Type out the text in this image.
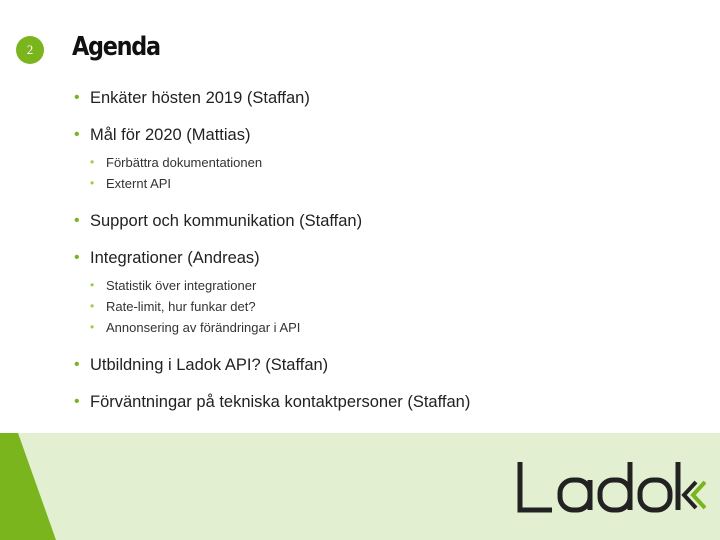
2	Agenda
• Enkäter hösten 2019 (Staffan)
• Mål för 2020 (Mattias)
• Förbättra dokumentationen
• Externt API
• Support och kommunikation (Staffan)
• Integrationer (Andreas)
• Statistik över integrationer
• Rate-limit, hur funkar det?
• Annonsering av förändringar i API
• Utbildning i Ladok API? (Staffan)
• Förväntningar på tekniska kontaktpersoner (Staffan)
